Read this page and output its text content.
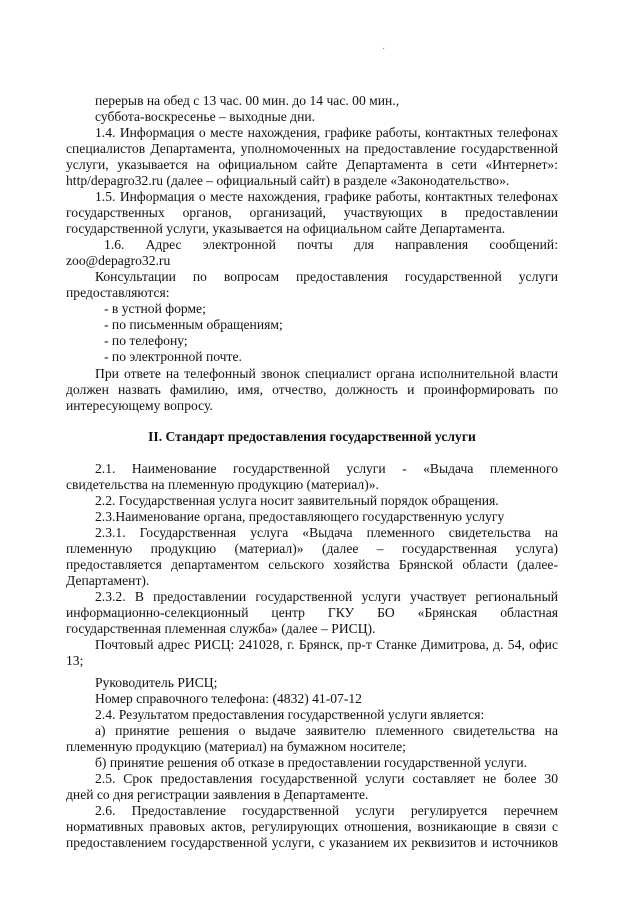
·
перерыв на обед с 13 час. 00 мин. до 14 час. 00 мин.,
суббота-воскресенье – выходные дни.
1.4. Информация о месте нахождения, графике работы, контактных телефонах
специалистов Департамента, уполномоченных на предоставление государственной
услуги, указывается на официальном сайте Департамента в сети «Интернет»:
http/depagro32.ru (далее – официальный сайт) в разделе «Законодательство».
1.5. Информация о месте нахождения, графике работы, контактных телефонах
государственных органов, организаций, участвующих в предоставлении
государственной услуги, указывается на официальном сайте Департамента.
1.6. Адрес электронной почты для направления сообщений:
zoo@depagro32.ru
Консультации по вопросам предоставления государственной услуги
предоставляются:
- в устной форме;
- по письменным обращениям;
- по телефону;
- по электронной почте.
При ответе на телефонный звонок специалист органа исполнительной власти
должен назвать фамилию, имя, отчество, должность и проинформировать по
интересующему вопросу.
II. Стандарт предоставления государственной услуги
2.1. Наименование государственной услуги - «Выдача племенного
свидетельства на племенную продукцию (материал)».
2.2. Государственная услуга носит заявительный порядок обращения.
2.3.Наименование органа, предоставляющего государственную услугу
2.3.1. Государственная услуга «Выдача племенного свидетельства на
племенную продукцию (материал)» (далее – государственная услуга)
предоставляется департаментом сельского хозяйства Брянской области (далее-
Департамент).
2.3.2. В предоставлении государственной услуги участвует региональный
информационно-селекционный центр ГКУ БО «Брянская областная
государственная племенная служба» (далее – РИСЦ).
Почтовый адрес РИСЦ: 241028, г. Брянск, пр-т Станке Димитрова, д. 54, офис
13;
Руководитель РИСЦ;
Номер справочного телефона: (4832) 41-07-12
2.4. Результатом предоставления государственной услуги является:
а) принятие решения о выдаче заявителю племенного свидетельства на
племенную продукцию (материал) на бумажном носителе;
б) принятие решения об отказе в предоставлении государственной услуги.
2.5. Срок предоставления государственной услуги составляет не более 30
дней со дня регистрации заявления в Департаменте.
2.6. Предоставление государственной услуги регулируется перечнем
нормативных правовых актов, регулирующих отношения, возникающие в связи с
предоставлением государственной услуги, с указанием их реквизитов и источников
